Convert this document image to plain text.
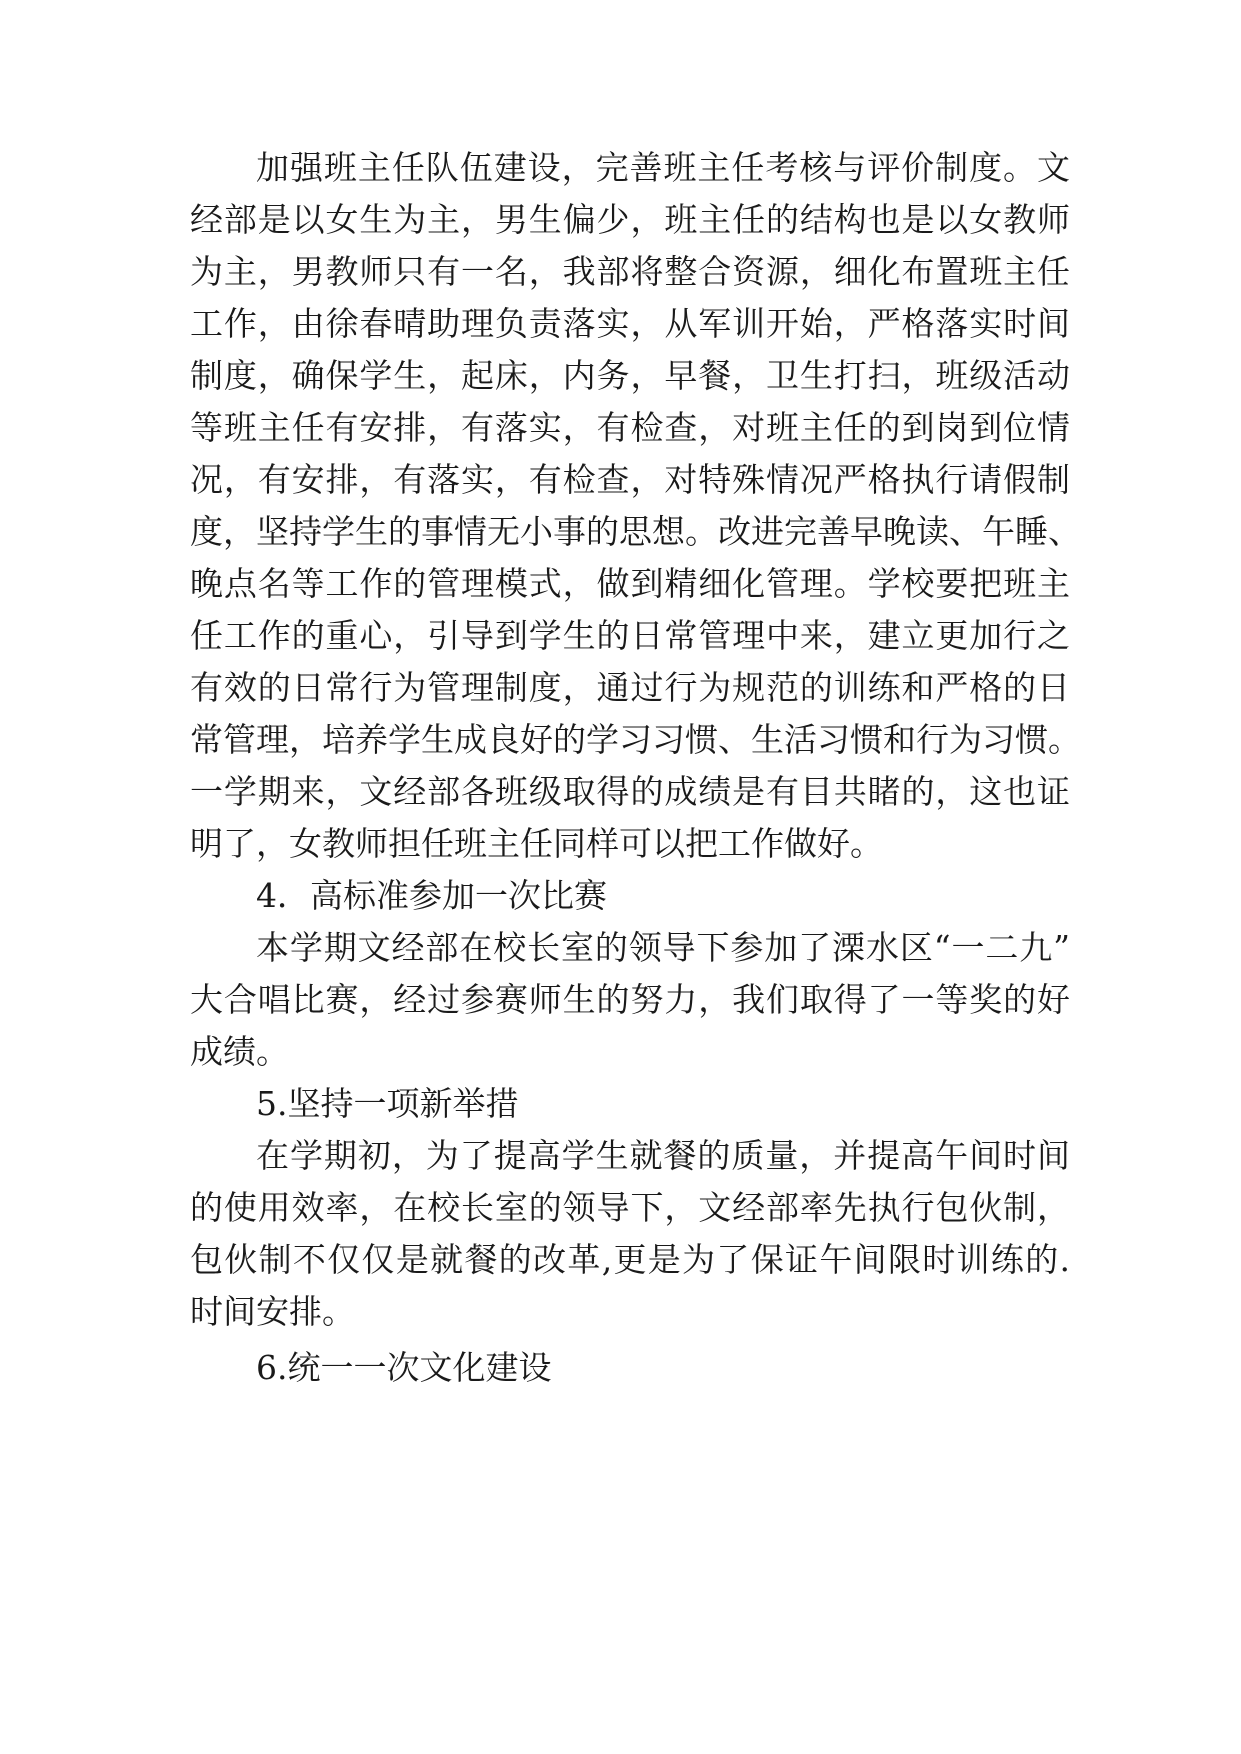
加强班主任队伍建设，完善班主任考核与评价制度。文
经部是以女生为主，男生偏少，班主任的结构也是以女教师
为主，男教师只有一名，我部将整合资源，细化布置班主任
工作，由徐春晴助理负责落实，从军训开始，严格落实时间
制度，确保学生，起床，内务，早餐，卫生打扫，班级活动
等班主任有安排，有落实，有检查，对班主任的到岗到位情
况，有安排，有落实，有检查，对特殊情况严格执行请假制
度，坚持学生的事情无小事的思想。改进完善早晚读、午睡、
晚点名等工作的管理模式，做到精细化管理。学校要把班主
任工作的重心，引导到学生的日常管理中来，建立更加行之
有效的日常行为管理制度，通过行为规范的训练和严格的日
常管理，培养学生成良好的学习习惯、生活习惯和行为习惯。
一学期来，文经部各班级取得的成绩是有目共睹的，这也证
明了，女教师担任班主任同样可以把工作做好。
4．高标准参加一次比赛
本学期文经部在校长室的领导下参加了溧水区“一二九”
大合唱比赛，经过参赛师生的努力，我们取得了一等奖的好
成绩。
5.坚持一项新举措
在学期初，为了提高学生就餐的质量，并提高午间时间
的使用效率，在校长室的领导下，文经部率先执行包伙制，
包伙制不仅仅是就餐的改革,更是为了保证午间限时训练的.
时间安排。
6.统一一次文化建设
